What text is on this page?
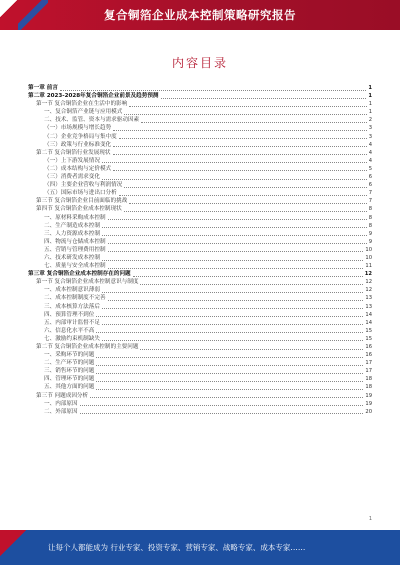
复合铜箔企业成本控制策略研究报告
内容目录
第一章 前言	1
第二章 2023-2028年复合铜箔企业前景及趋势预测	1
第一节 复合铜箔企业在生活中的影响	1
一、复合铜箔产业链与应用模式	1
二、技术、监管、资本与需求驱动因素	2
（一）市场规模与增长趋势	3
（二）企业竞争格局与集中度	3
（三）政策与行业标准变化	4
第二节 复合铜箔行业发展现状	4
（一）上下游发展情况	4
（二）成本结构与定价模式	5
（三）消费者需求变化	6
（四）主要企业营收与利润情况	6
（五）国际市场与进出口分析	7
第三节 复合铜箔企业目前面临的挑战	7
第四节 复合铜箔企业成本控制现状	8
一、原材料采购成本控制	8
二、生产制造成本控制	8
三、人力资源成本控制	9
四、物流与仓储成本控制	9
五、营销与管理费用控制	10
六、技术研发成本控制	10
七、质量与安全成本控制	11
第三章 复合铜箔企业成本控制存在的问题	12
第一节 复合铜箔企业成本控制意识与制度	12
一、成本控制意识薄弱	12
二、成本控制制度不完善	13
三、成本核算方法落后	13
四、预算管理不到位	14
五、内部审计监督不足	14
六、信息化水平不高	15
七、激励约束机制缺失	15
第二节 复合铜箔企业成本控制的主要问题	16
一、采购环节的问题	16
二、生产环节的问题	17
三、销售环节的问题	17
四、管理环节的问题	18
五、其他方面的问题	18
第三节 问题成因分析	19
一、内部原因	19
二、外部原因	20
1
让每个人都能成为 行业专家、投资专家、营销专家、战略专家、成本专家……
